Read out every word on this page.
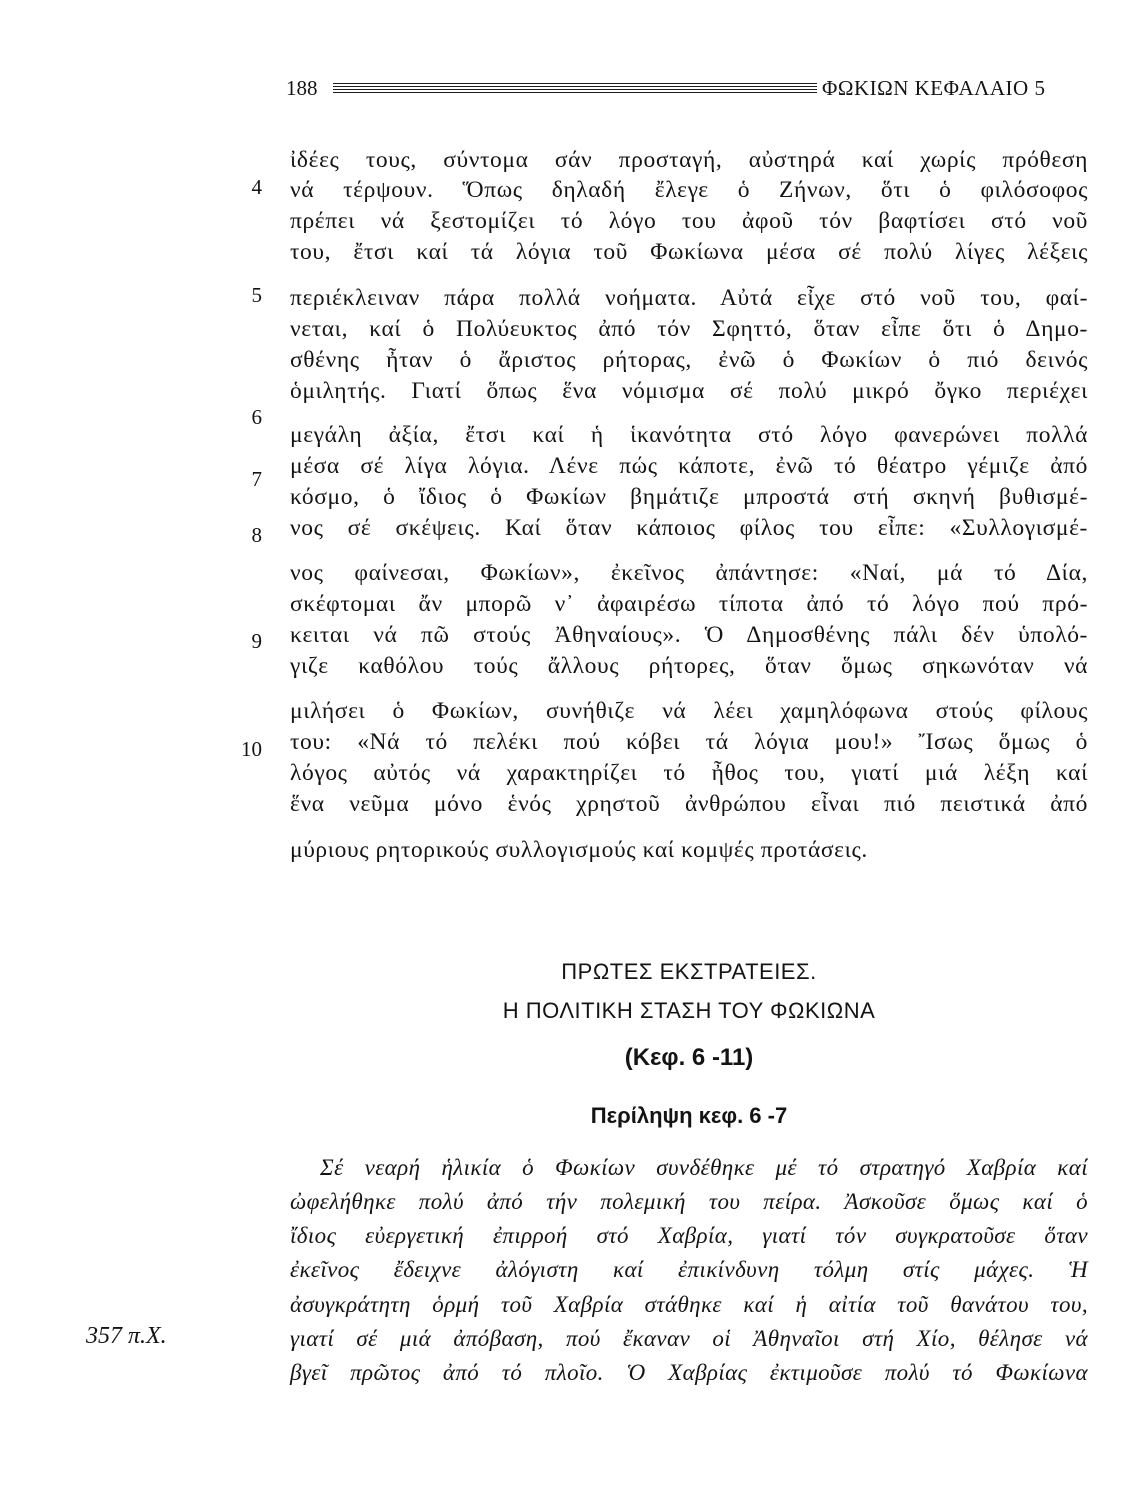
188	ΦΩΚΙΩΝ ΚΕΦΑΛΑΙΟ 5
ἰδέες τους, σύντομα σάν προσταγή, αὐστηρά καί χωρίς πρόθεση
νά τέρψουν. Ὅπως δηλαδή ἔλεγε ὁ Ζήνων, ὅτι ὁ φιλόσοφος
πρέπει νά ξεστομίζει τό λόγο του ἀφοῦ τόν βαφτίσει στό νοῦ
του, ἔτσι καί τά λόγια τοῦ Φωκίωνα μέσα σέ πολύ λίγες λέξεις
περιέκλειναν πάρα πολλά νοήματα. Αὐτά εἶχε στό νοῦ του, φαί-
νεται, καί ὁ Πολύευκτος ἀπό τόν Σφηττό, ὅταν εἶπε ὅτι ὁ Δημο-
σθένης ἦταν ὁ ἄριστος ρήτορας, ἐνῶ ὁ Φωκίων ὁ πιό δεινός
ὁμιλητής. Γιατί ὅπως ἕνα νόμισμα σέ πολύ μικρό ὄγκο περιέχει
μεγάλη ἀξία, ἔτσι καί ἡ ἱκανότητα στό λόγο φανερώνει πολλά
μέσα σέ λίγα λόγια. Λένε πώς κάποτε, ἐνῶ τό θέατρο γέμιζε ἀπό
κόσμο, ὁ ἴδιος ὁ Φωκίων βημάτιζε μπροστά στή σκηνή βυθισμέ-
νος σέ σκέψεις. Καί ὅταν κάποιος φίλος του εἶπε: «Συλλογισμέ-
νος φαίνεσαι, Φωκίων», ἐκεῖνος ἀπάντησε: «Ναί, μά τό Δία,
σκέφτομαι ἄν μπορῶ ν᾽ ἀφαιρέσω τίποτα ἀπό τό λόγο πού πρό-
κειται νά πῶ στούς Ἀθηναίους». Ὁ Δημοσθένης πάλι δέν ὑπολό-
γιζε καθόλου τούς ἄλλους ρήτορες, ὅταν ὅμως σηκωνόταν νά
μιλήσει ὁ Φωκίων, συνήθιζε νά λέει χαμηλόφωνα στούς φίλους
του: «Νά τό πελέκι πού κόβει τά λόγια μου!» Ἴσως ὅμως ὁ
λόγος αὐτός νά χαρακτηρίζει τό ἦθος του, γιατί μιά λέξη καί
ἕνα νεῦμα μόνο ἑνός χρηστοῦ ἀνθρώπου εἶναι πιό πειστικά ἀπό
μύριους ρητορικούς συλλογισμούς καί κομψές προτάσεις.
4
5
6
7
8
9
10
ΠΡΩΤΕΣ ΕΚΣΤΡΑΤΕΙΕΣ.
Η ΠΟΛΙΤΙΚΗ ΣΤΑΣΗ ΤΟΥ ΦΩΚΙΩΝΑ
(Κεφ. 6 -11)
Περίληψη κεφ. 6 -7
Σέ νεαρή ἡλικία ὁ Φωκίων συνδέθηκε μέ τό στρατηγό Χαβρία καί
ὠφελήθηκε πολύ ἀπό τήν πολεμική του πείρα. Ἀσκοῦσε ὅμως καί ὁ
ἴδιος εὐεργετική ἐπιρροή στό Χαβρία, γιατί τόν συγκρατοῦσε ὅταν
ἐκεῖνος ἔδειχνε ἀλόγιστη καί ἐπικίνδυνη τόλμη στίς μάχες. Ἡ
ἀσυγκράτητη ὁρμή τοῦ Χαβρία στάθηκε καί ἡ αἰτία τοῦ θανάτου του,
γιατί σέ μιά ἀπόβαση, πού ἔκαναν οἱ Ἀθηναῖοι στή Χίο, θέλησε νά
βγεῖ πρῶτος ἀπό τό πλοῖο. Ὁ Χαβρίας ἐκτιμοῦσε πολύ τό Φωκίωνα
357 π.Χ.
